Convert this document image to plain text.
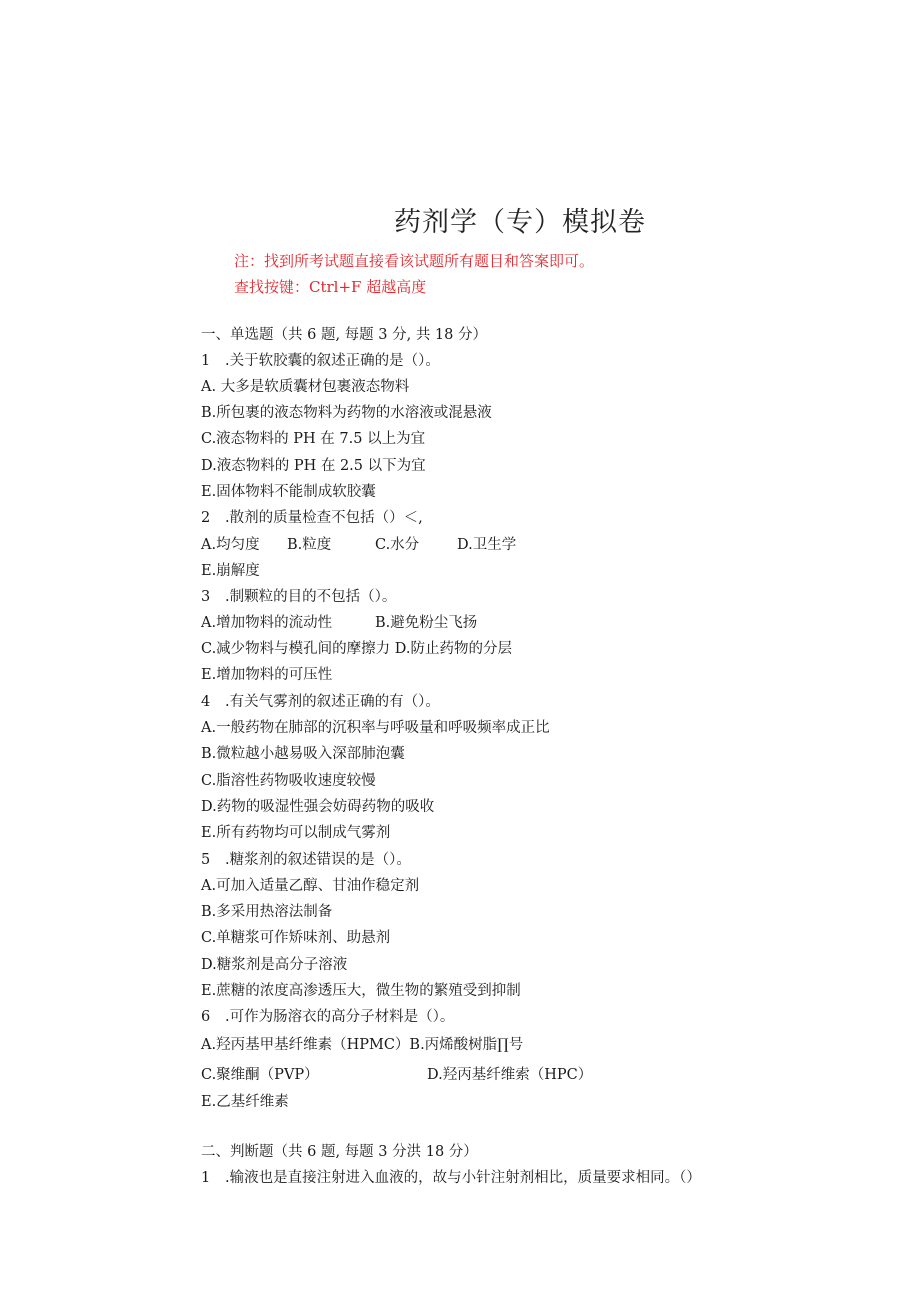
药剂学（专）模拟卷
注：找到所考试题直接看该试题所有题目和答案即可。
查找按键：Ctrl+F 超越高度
一、单选题（共 6 题, 每题 3 分, 共 18 分）
1 .关于软胶囊的叙述正确的是（）。
A. 大多是软质囊材包裹液态物料
B.所包裹的液态物料为药物的水溶液或混悬液
C.液态物料的 PH 在 7.5 以上为宜
D.液态物料的 PH 在 2.5 以下为宜
E.固体物料不能制成软胶囊
2 .散剂的质量检查不包括（）＜,
A.均匀度 B.粒度	C.水分	D.卫生学
E.崩解度
3 .制颗粒的目的不包括（）。
A.增加物料的流动性	B.避免粉尘飞扬
C.减少物料与模孔间的摩擦力 D.防止药物的分层
E.增加物料的可压性
4 .有关气雾剂的叙述正确的有（）。
A.一般药物在肺部的沉积率与呼吸量和呼吸频率成正比
B.微粒越小越易吸入深部肺泡囊
C.脂溶性药物吸收速度较慢
D.药物的吸湿性强会妨碍药物的吸收
E.所有药物均可以制成气雾剂
5 .糖浆剂的叙述错误的是（）。
A.可加入适量乙醇、甘油作稳定剂
B.多采用热溶法制备
C.单糖浆可作矫味剂、助悬剂
D.糖浆剂是高分子溶液
E.蔗糖的浓度高渗透压大，微生物的繁殖受到抑制
6 .可作为肠溶衣的高分子材料是（）。
A.羟丙基甲基纤维素（HPMC）B.丙烯酸树脂∏号
C.聚维酮（PVP）	D.羟丙基纤维索（HPC）
E.乙基纤维素
二、判断题（共 6 题, 每题 3 分洪 18 分）
1 .输液也是直接注射进入血液的，故与小针注射剂相比，质量要求相同。（）
